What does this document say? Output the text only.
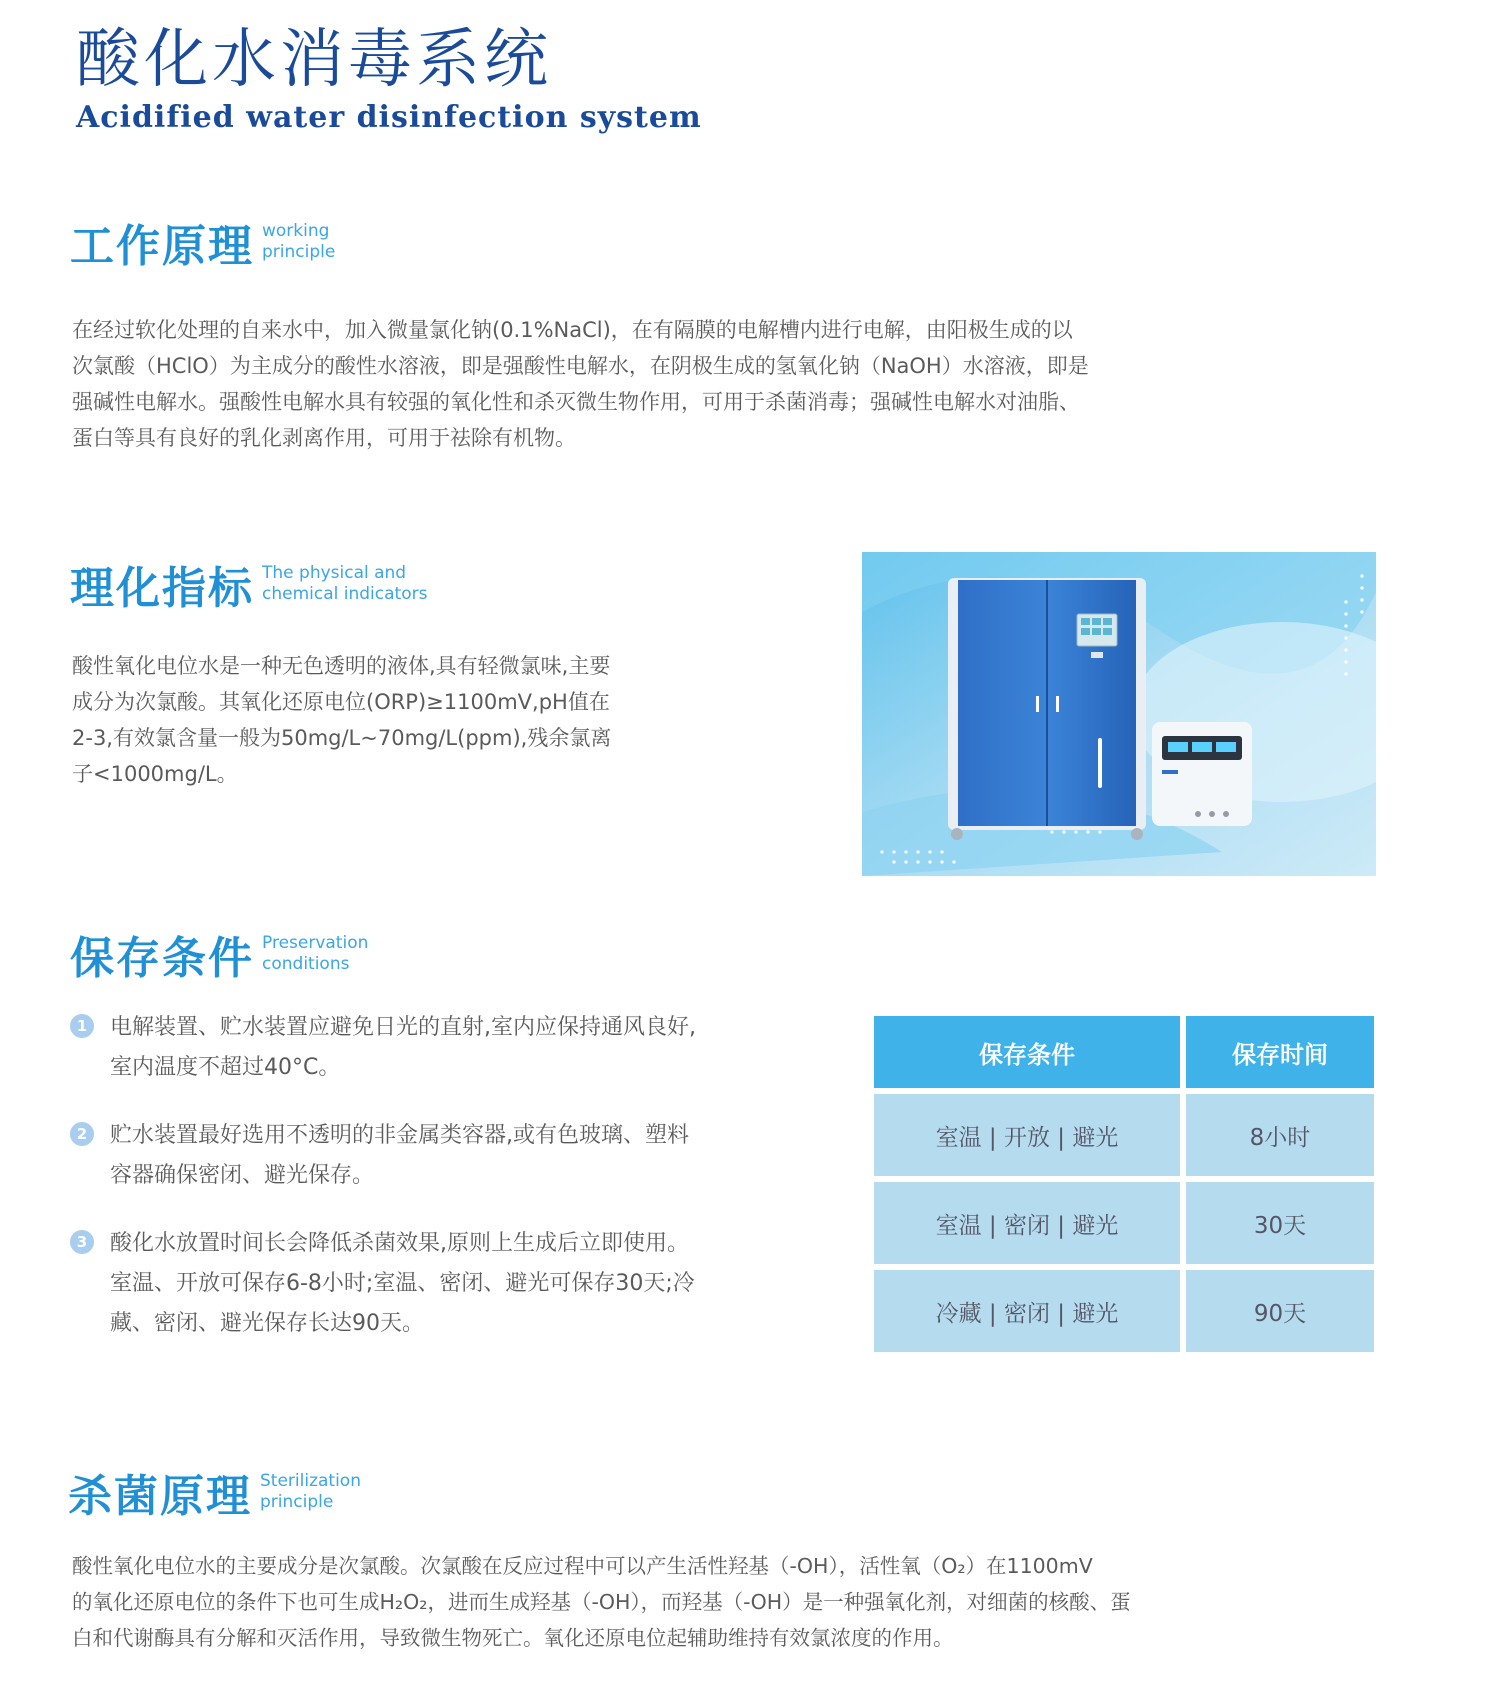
酸化水消毒系统
Acidified water disinfection system
工作原理 working
principle

在经过软化处理的自来水中，加入微量氯化钠(0.1%NaCl)，在有隔膜的电解槽内进行电解，由阳极生成的以

次氯酸（HClO）为主成分的酸性水溶液，即是强酸性电解水，在阴极生成的氢氧化钠（NaOH）水溶液，即是

强碱性电解水。强酸性电解水具有较强的氧化性和杀灭微生物作用，可用于杀菌消毒；强碱性电解水对油脂、

蛋白等具有良好的乳化剥离作用，可用于祛除有机物。

理化指标 The physical and
chemical indicators

酸性氧化电位水是一种无色透明的液体,具有轻微氯味,主要

成分为次氯酸。其氧化还原电位(ORP)≥1100mV,pH值在

2-3,有效氯含量一般为50mg/L~70mg/L(ppm),残余氯离

子<1000mg/L。

保存条件 Preservation
conditions
1	电解装置、贮水装置应避免日光的直射,室内应保持通风良好,
室内温度不超过40°C。
2	贮水装置最好选用不透明的非金属类容器,或有色玻璃、塑料
容器确保密闭、避光保存。
3	酸化水放置时间长会降低杀菌效果,原则上生成后立即使用。
室温、开放可保存6-8小时;室温、密闭、避光可保存30天;冷
藏、密闭、避光保存长达90天。
保存条件	保存时间
室温 | 开放 | 避光	8小时
室温 | 密闭 | 避光	30天
冷藏 | 密闭 | 避光	90天
杀菌原理 Sterilization
principle

酸性氧化电位水的主要成分是次氯酸。次氯酸在反应过程中可以产生活性羟基（-OH），活性氧（O₂）在1100mV

的氧化还原电位的条件下也可生成H₂O₂，进而生成羟基（-OH），而羟基（-OH）是一种强氧化剂，对细菌的核酸、蛋

白和代谢酶具有分解和灭活作用，导致微生物死亡。氧化还原电位起辅助维持有效氯浓度的作用。
